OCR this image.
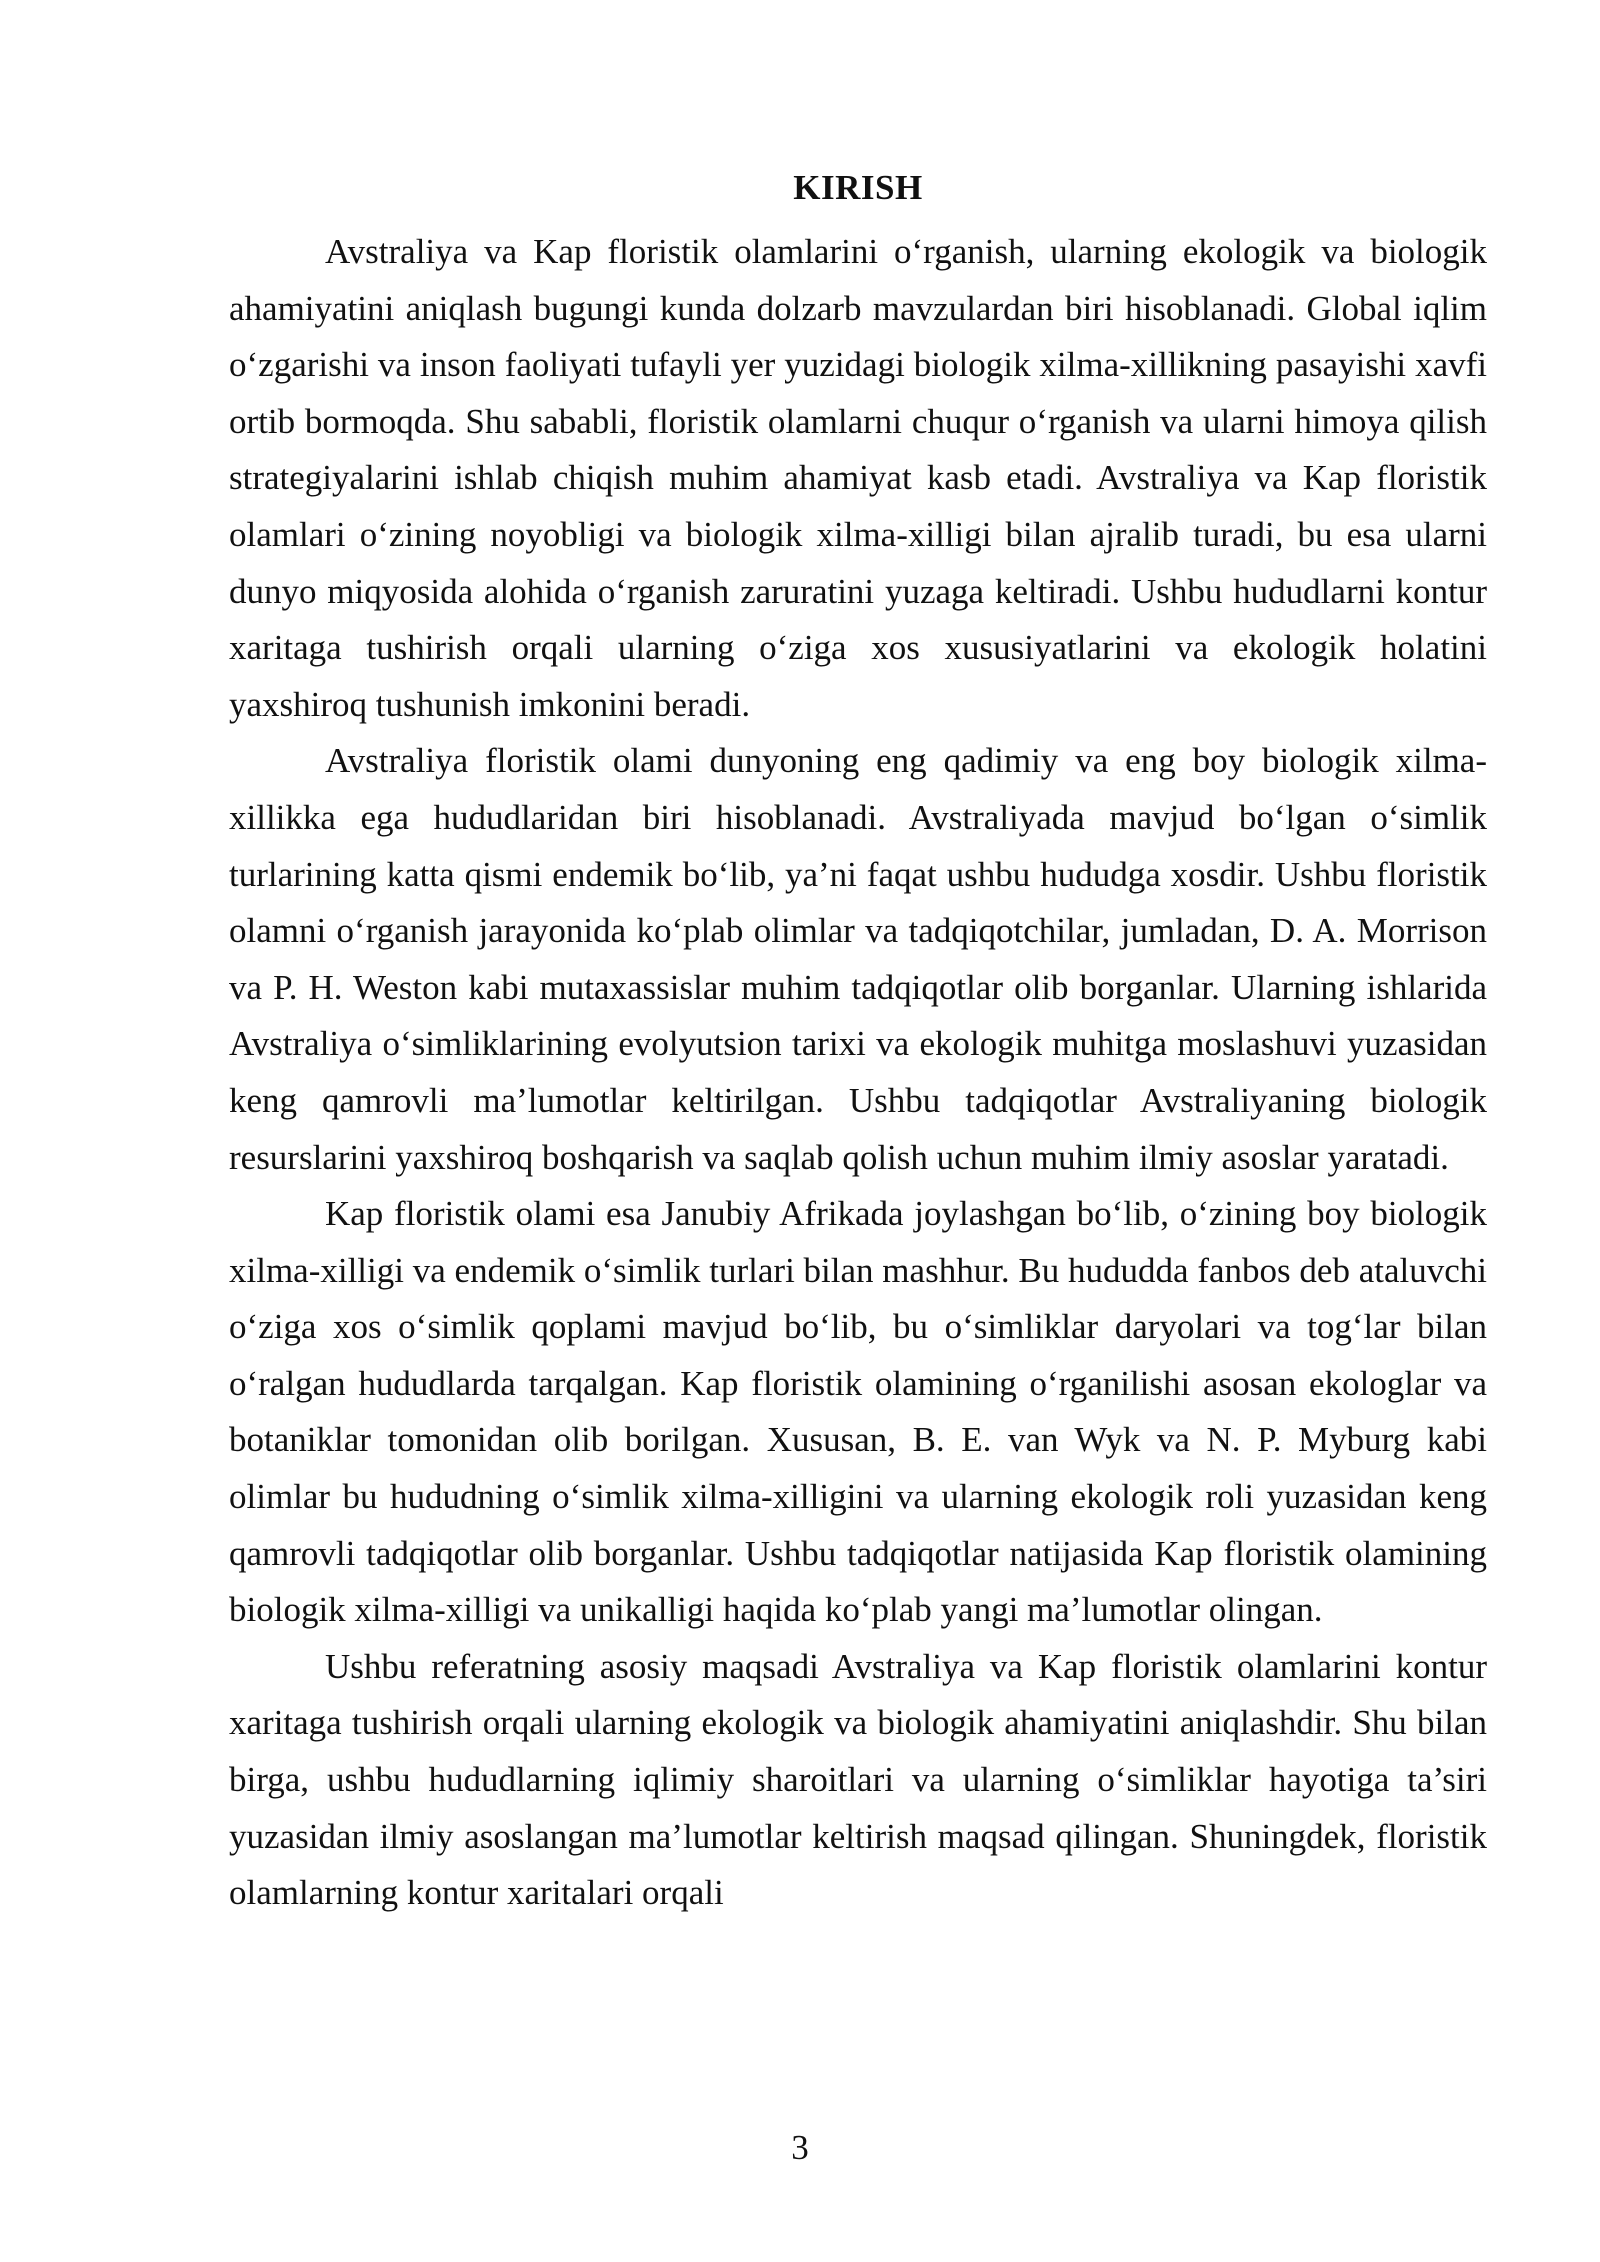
KIRISH

Avstraliya va Kap floristik olamlarini o‘rganish, ularning ekologik va biologik ahamiyatini aniqlash bugungi kunda dolzarb mavzulardan biri hisoblanadi. Global iqlim o‘zgarishi va inson faoliyati tufayli yer yuzidagi biologik xilma-xillikning pasayishi xavfi ortib bormoqda. Shu sababli, floristik olamlarni chuqur o‘rganish va ularni himoya qilish strategiyalarini ishlab chiqish muhim ahamiyat kasb etadi. Avstraliya va Kap floristik olamlari o‘zining noyobligi va biologik xilma-xilligi bilan ajralib turadi, bu esa ularni dunyo miqyosida alohida o‘rganish zaruratini yuzaga keltiradi. Ushbu hududlarni kontur xaritaga tushirish orqali ularning o‘ziga xos xususiyatlarini va ekologik holatini yaxshiroq tushunish imkonini beradi.

Avstraliya floristik olami dunyoning eng qadimiy va eng boy biologik xilma-xillikka ega hududlaridan biri hisoblanadi. Avstraliyada mavjud bo‘lgan o‘simlik turlarining katta qismi endemik bo‘lib, ya’ni faqat ushbu hududga xosdir. Ushbu floristik olamni o‘rganish jarayonida ko‘plab olimlar va tadqiqotchilar, jumladan, D. A. Morrison va P. H. Weston kabi mutaxassislar muhim tadqiqotlar olib borganlar. Ularning ishlarida Avstraliya o‘simliklarining evolyutsion tarixi va ekologik muhitga moslashuvi yuzasidan keng qamrovli ma’lumotlar keltirilgan. Ushbu tadqiqotlar Avstraliyaning biologik resurslarini yaxshiroq boshqarish va saqlab qolish uchun muhim ilmiy asoslar yaratadi.

Kap floristik olami esa Janubiy Afrikada joylashgan bo‘lib, o‘zining boy biologik xilma-xilligi va endemik o‘simlik turlari bilan mashhur. Bu hududda fanbos deb ataluvchi o‘ziga xos o‘simlik qoplami mavjud bo‘lib, bu o‘simliklar daryolari va tog‘lar bilan o‘ralgan hududlarda tarqalgan. Kap floristik olamining o‘rganilishi asosan ekologlar va botaniklar tomonidan olib borilgan. Xususan, B. E. van Wyk va N. P. Myburg kabi olimlar bu hududning o‘simlik xilma-xilligini va ularning ekologik roli yuzasidan keng qamrovli tadqiqotlar olib borganlar. Ushbu tadqiqotlar natijasida Kap floristik olamining biologik xilma-xilligi va unikalligi haqida ko‘plab yangi ma’lumotlar olingan.

Ushbu referatning asosiy maqsadi Avstraliya va Kap floristik olamlarini kontur xaritaga tushirish orqali ularning ekologik va biologik ahamiyatini aniqlashdir. Shu bilan birga, ushbu hududlarning iqlimiy sharoitlari va ularning o‘simliklar hayotiga ta’siri yuzasidan ilmiy asoslangan ma’lumotlar keltirish maqsad qilingan. Shuningdek, floristik olamlarning kontur xaritalari orqali

3
